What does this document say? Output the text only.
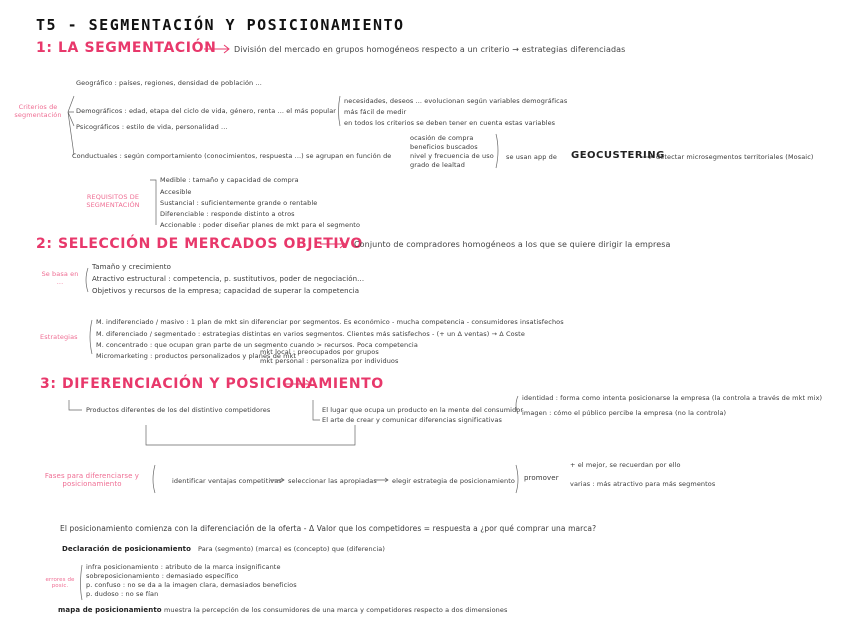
T5 - SEGMENTACIÓN Y POSICIONAMIENTO
1: LA SEGMENTACIÓN División del mercado en grupos homogéneos respecto a un criterio → estrategias diferenciadas
Criterios de segmentación
Geográfico : países, regiones, densidad de población ...
Demográficos : edad, etapa del ciclo de vida, género, renta ... el más popular
necesidades, deseos ... evolucionan según variables demográficas
más fácil de medir
en todos los criterios se deben tener en cuenta estas variables
Psicográficos : estilo de vida, personalidad ...
Conductuales : según comportamiento (conocimientos, respuesta ...) se agrupan en función de
ocasión de compra
beneficios buscados
nivel y frecuencia de uso
grado de lealtad
se usan app de GEOCUSTERING
detectar microsegmentos territoriales (Mosaic)
REQUISITOS DE SEGMENTACIÓN
Medible : tamaño y capacidad de compra
Accesible
Sustancial : suficientemente grande o rentable
Diferenciable : responde distinto a otros
Accionable : poder diseñar planes de mkt para el segmento
2: SELECCIÓN DE MERCADOS OBJETIVO
Conjunto de compradores homogéneos a los que se quiere dirigir la empresa
Se basa en ...
Tamaño y crecimiento
Atractivo estructural : competencia, p. sustitutivos, poder de negociación...
Objetivos y recursos de la empresa; capacidad de superar la competencia
Estrategias
M. indiferenciado / masivo : 1 plan de mkt sin diferenciar por segmentos. Es económico - mucha competencia - consumidores insatisfechos
M. diferenciado / segmentado : estrategias distintas en varios segmentos. Clientes más satisfechos - (+ un Δ ventas) → Δ Coste
M. concentrado : que ocupan gran parte de un segmento cuando > recursos. Poca competencia
Micromarketing : productos personalizados y planes de mkt
mkt local : preocupados por grupos
mkt personal : personaliza por individuos
3: DIFERENCIACIÓN Y POSICIONAMIENTO
Productos diferentes de los del distintivo competidores	El lugar que ocupa un producto en la mente del consumidor
El arte de crear y comunicar diferencias significativas
identidad : forma como intenta posicionarse la empresa (la controla a través de mkt mix)
imagen : cómo el público percibe la empresa (no la controla)
Fases para diferenciarse y posicionamiento	identificar ventajas competitivas seleccionar las apropiadas elegir estrategia de posicionamiento promover
+ el mejor, se recuerdan por ello
varias : más atractivo para más segmentos
El posicionamiento comienza con la diferenciación de la oferta - Δ Valor que los competidores = respuesta a ¿por qué comprar una marca?
Declaración de posicionamiento Para (segmento) (marca) es (concepto) que (diferencia)
errores de posic.
infra posicionamiento : atributo de la marca insignificante
sobreposicionamiento : demasiado específico
p. confuso : no se da a la imagen clara, demasiados beneficios
p. dudoso : no se fían
mapa de posicionamiento muestra la percepción de los consumidores de una marca y competidores respecto a dos dimensiones
